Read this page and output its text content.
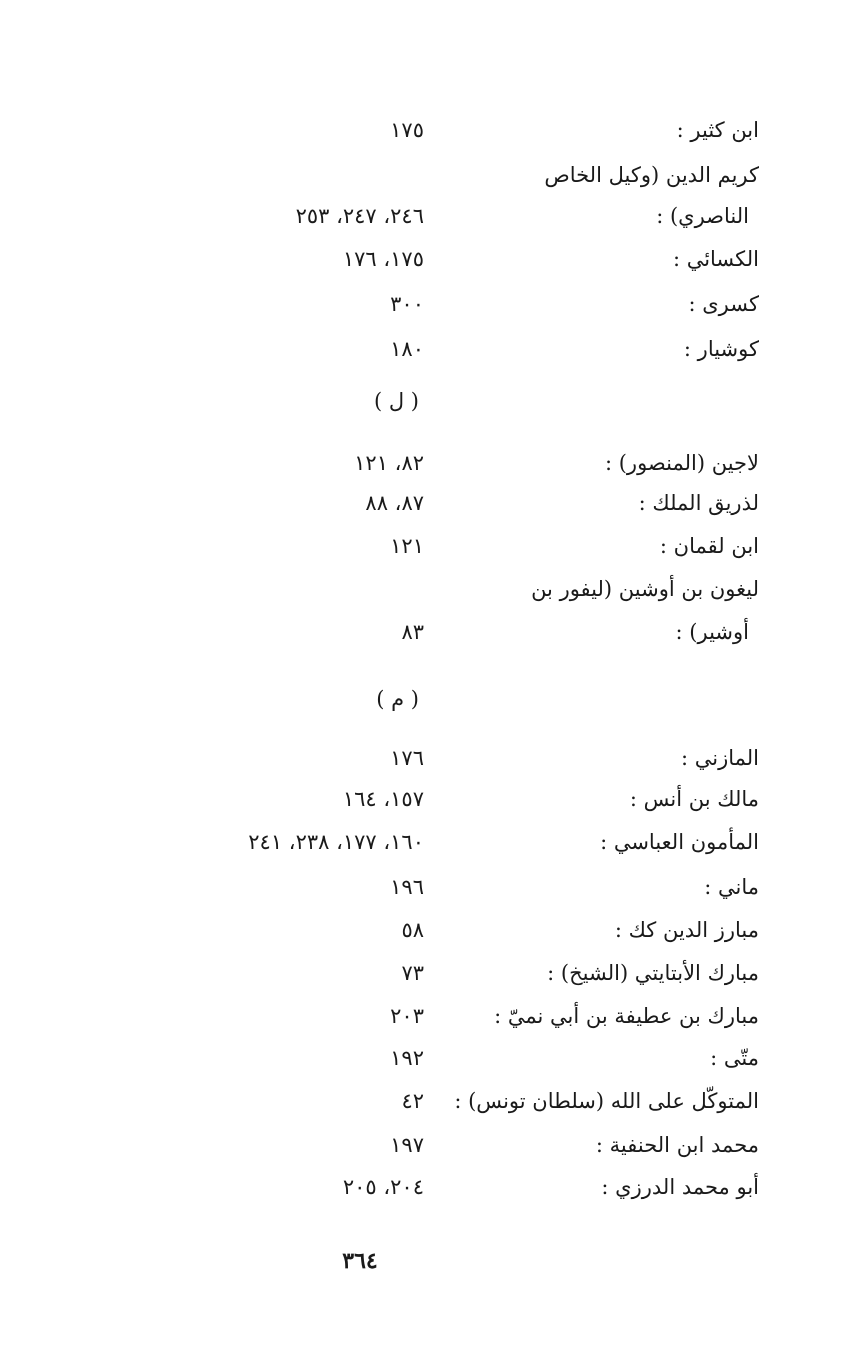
ابن كثير :
١٧٥
كريم الدين (وكيل الخاص
الناصري) :
٢٤٦، ٢٤٧، ٢٥٣
الكسائي :
١٧٥، ١٧٦
كسرى :
٣٠٠
كوشيار :
١٨٠
( ل )
لاجين (المنصور) :
٨٢، ١٢١
لذريق الملك :
٨٧، ٨٨
ابن لقمان :
١٢١
ليغون بن أوشين (ليفور بن
أوشير) :
٨٣
( م )
المازني :
١٧٦
مالك بن أنس :
١٥٧، ١٦٤
المأمون العباسي :
١٦٠، ١٧٧، ٢٣٨، ٢٤١
ماني :
١٩٦
مبارز الدين كك :
٥٨
مبارك الأبتايتي (الشيخ) :
٧٣
مبارك بن عطيفة بن أبي نميّ :
٢٠٣
متّى :
١٩٢
المتوكّل على الله (سلطان تونس) :
٤٢
محمد ابن الحنفية :
١٩٧
أبو محمد الدرزي :
٢٠٤، ٢٠٥
٣٦٤
